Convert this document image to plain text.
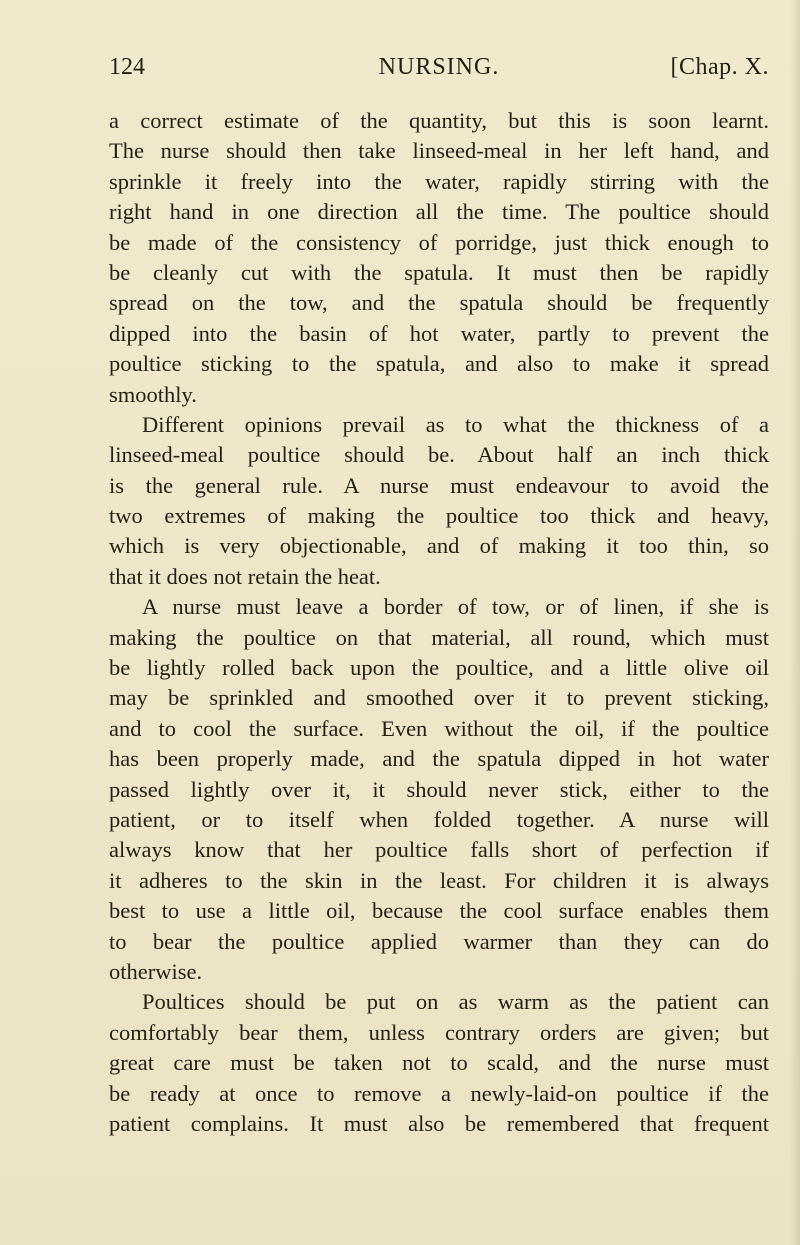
124	NURSING.	[Chap. X.
a correct estimate of the quantity, but this is soon learnt.
The nurse should then take linseed-meal in her left hand, and
sprinkle it freely into the water, rapidly stirring with the
right hand in one direction all the time. The poultice should
be made of the consistency of porridge, just thick enough to
be cleanly cut with the spatula. It must then be rapidly
spread on the tow, and the spatula should be frequently
dipped into the basin of hot water, partly to prevent the
poultice sticking to the spatula, and also to make it spread
smoothly.
Different opinions prevail as to what the thickness of a
linseed-meal poultice should be. About half an inch thick
is the general rule. A nurse must endeavour to avoid the
two extremes of making the poultice too thick and heavy,
which is very objectionable, and of making it too thin, so
that it does not retain the heat.
A nurse must leave a border of tow, or of linen, if she is
making the poultice on that material, all round, which must
be lightly rolled back upon the poultice, and a little olive oil
may be sprinkled and smoothed over it to prevent sticking,
and to cool the surface. Even without the oil, if the poultice
has been properly made, and the spatula dipped in hot water
passed lightly over it, it should never stick, either to the
patient, or to itself when folded together. A nurse will
always know that her poultice falls short of perfection if
it adheres to the skin in the least. For children it is always
best to use a little oil, because the cool surface enables them
to bear the poultice applied warmer than they can do
otherwise.
Poultices should be put on as warm as the patient can
comfortably bear them, unless contrary orders are given; but
great care must be taken not to scald, and the nurse must
be ready at once to remove a newly-laid-on poultice if the
patient complains. It must also be remembered that frequent
